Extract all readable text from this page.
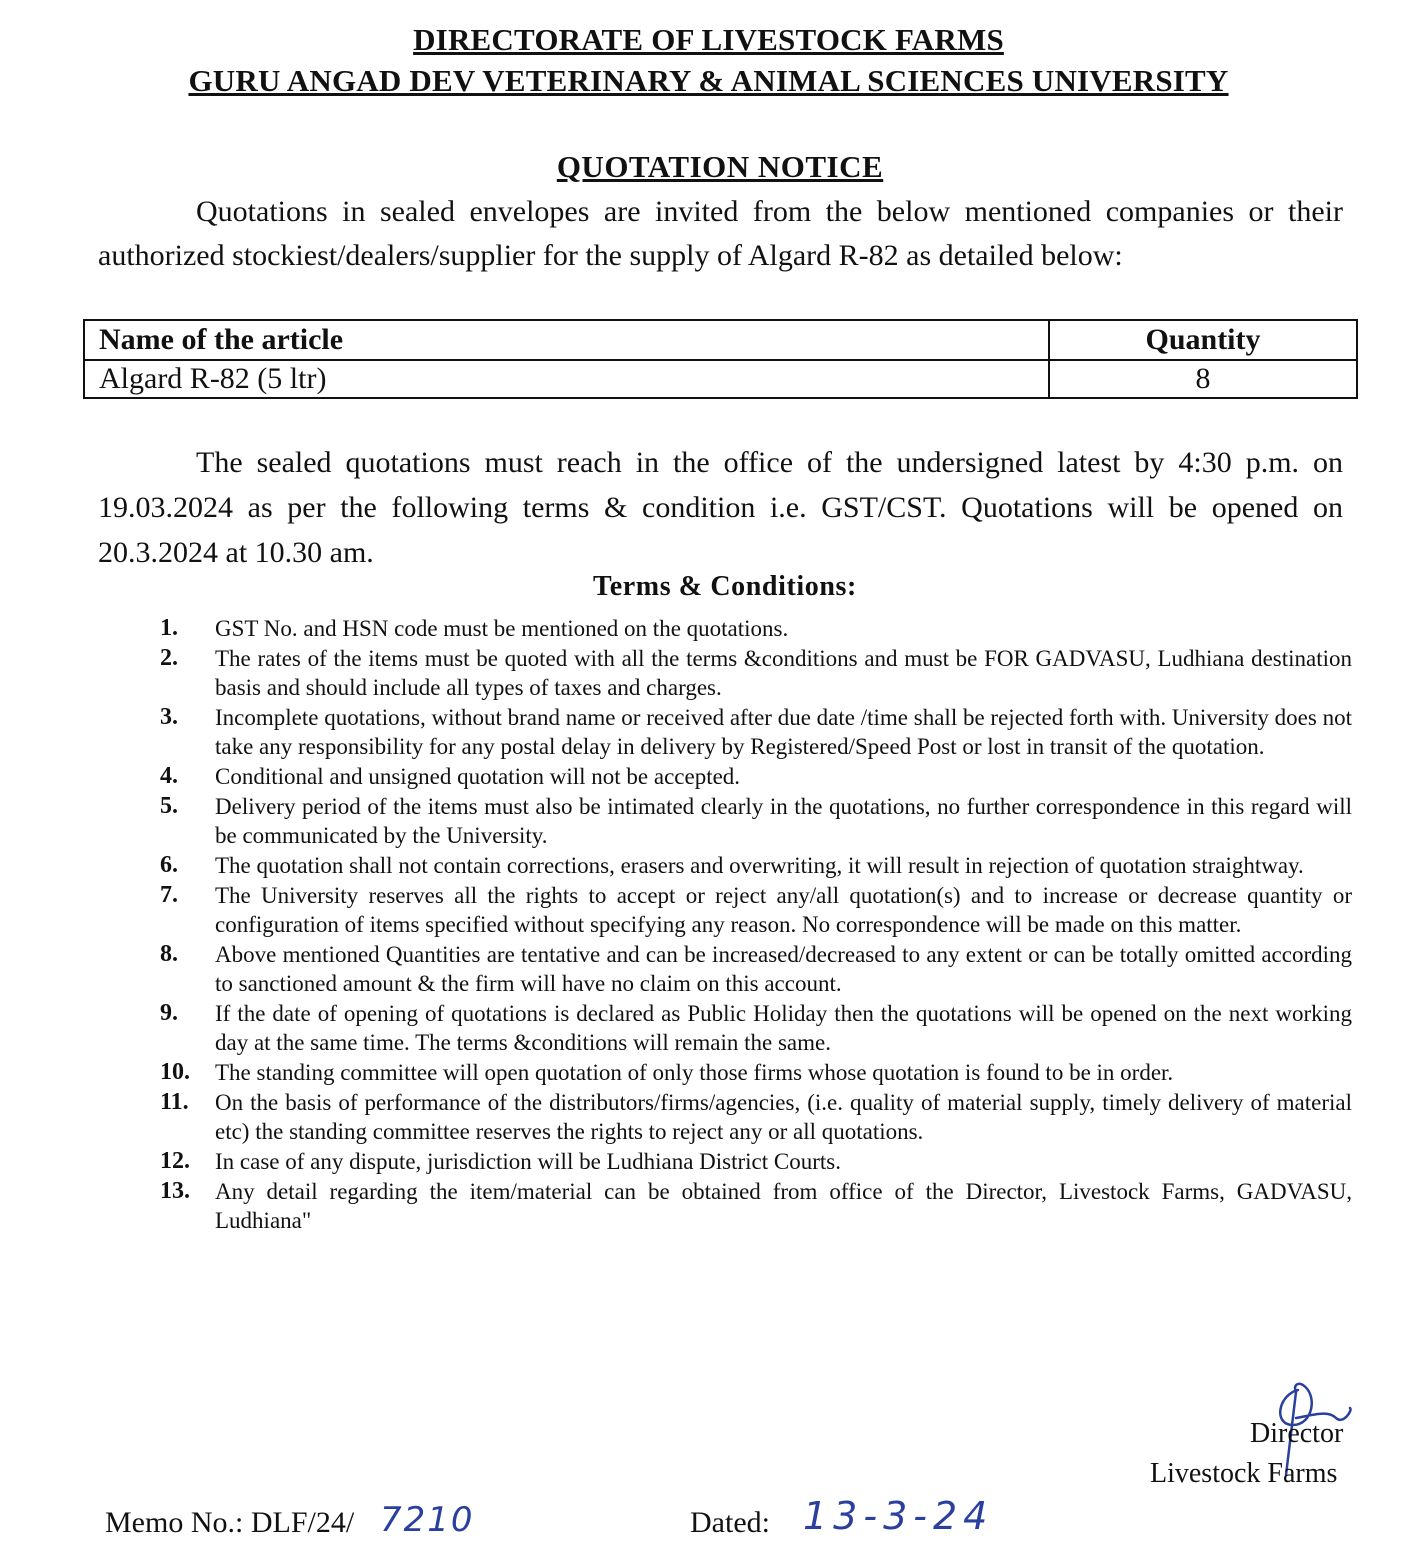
DIRECTORATE OF LIVESTOCK FARMS
GURU ANGAD DEV VETERINARY & ANIMAL SCIENCES UNIVERSITY
QUOTATION NOTICE
Quotations in sealed envelopes are invited from the below mentioned companies or their authorized stockiest/dealers/supplier for the supply of Algard R-82 as detailed below:
Name of the article	Quantity
Algard R-82 (5 ltr)	8
The sealed quotations must reach in the office of the undersigned latest by 4:30 p.m. on 19.03.2024 as per the following terms & condition i.e. GST/CST. Quotations will be opened on 20.3.2024 at 10.30 am.
Terms & Conditions:
1.	GST No. and HSN code must be mentioned on the quotations.
2.	The rates of the items must be quoted with all the terms &conditions and must be FOR GADVASU, Ludhiana destination basis and should include all types of taxes and charges.
3.	Incomplete quotations, without brand name or received after due date /time shall be rejected forth with. University does not take any responsibility for any postal delay in delivery by Registered/Speed Post or lost in transit of the quotation.
4.	Conditional and unsigned quotation will not be accepted.
5.	Delivery period of the items must also be intimated clearly in the quotations, no further correspondence in this regard will be communicated by the University.
6.	The quotation shall not contain corrections, erasers and overwriting, it will result in rejection of quotation straightway.
7.	The University reserves all the rights to accept or reject any/all quotation(s) and to increase or decrease quantity or configuration of items specified without specifying any reason. No correspondence will be made on this matter.
8.	Above mentioned Quantities are tentative and can be increased/decreased to any extent or can be totally omitted according to sanctioned amount & the firm will have no claim on this account.
9.	If the date of opening of quotations is declared as Public Holiday then the quotations will be opened on the next working day at the same time. The terms &conditions will remain the same.
10.	The standing committee will open quotation of only those firms whose quotation is found to be in order.
11.	On the basis of performance of the distributors/firms/agencies, (i.e. quality of material supply, timely delivery of material etc) the standing committee reserves the rights to reject any or all quotations.
12.	In case of any dispute, jurisdiction will be Ludhiana District Courts.
13.	Any detail regarding the item/material can be obtained from office of the Director, Livestock Farms, GADVASU, Ludhiana"
Director
Livestock Farms
Memo No.: DLF/24/ 7210	Dated: 13-3-24
